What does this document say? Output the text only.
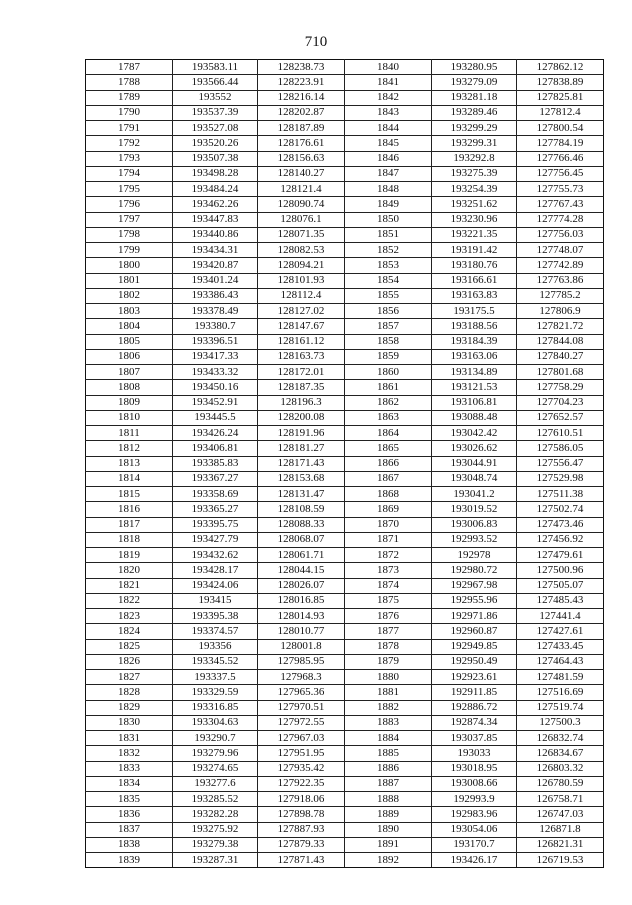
710
1787	193583.11	128238.73	1840	193280.95	127862.12
1788	193566.44	128223.91	1841	193279.09	127838.89
1789	193552	128216.14	1842	193281.18	127825.81
1790	193537.39	128202.87	1843	193289.46	127812.4
1791	193527.08	128187.89	1844	193299.29	127800.54
1792	193520.26	128176.61	1845	193299.31	127784.19
1793	193507.38	128156.63	1846	193292.8	127766.46
1794	193498.28	128140.27	1847	193275.39	127756.45
1795	193484.24	128121.4	1848	193254.39	127755.73
1796	193462.26	128090.74	1849	193251.62	127767.43
1797	193447.83	128076.1	1850	193230.96	127774.28
1798	193440.86	128071.35	1851	193221.35	127756.03
1799	193434.31	128082.53	1852	193191.42	127748.07
1800	193420.87	128094.21	1853	193180.76	127742.89
1801	193401.24	128101.93	1854	193166.61	127763.86
1802	193386.43	128112.4	1855	193163.83	127785.2
1803	193378.49	128127.02	1856	193175.5	127806.9
1804	193380.7	128147.67	1857	193188.56	127821.72
1805	193396.51	128161.12	1858	193184.39	127844.08
1806	193417.33	128163.73	1859	193163.06	127840.27
1807	193433.32	128172.01	1860	193134.89	127801.68
1808	193450.16	128187.35	1861	193121.53	127758.29
1809	193452.91	128196.3	1862	193106.81	127704.23
1810	193445.5	128200.08	1863	193088.48	127652.57
1811	193426.24	128191.96	1864	193042.42	127610.51
1812	193406.81	128181.27	1865	193026.62	127586.05
1813	193385.83	128171.43	1866	193044.91	127556.47
1814	193367.27	128153.68	1867	193048.74	127529.98
1815	193358.69	128131.47	1868	193041.2	127511.38
1816	193365.27	128108.59	1869	193019.52	127502.74
1817	193395.75	128088.33	1870	193006.83	127473.46
1818	193427.79	128068.07	1871	192993.52	127456.92
1819	193432.62	128061.71	1872	192978	127479.61
1820	193428.17	128044.15	1873	192980.72	127500.96
1821	193424.06	128026.07	1874	192967.98	127505.07
1822	193415	128016.85	1875	192955.96	127485.43
1823	193395.38	128014.93	1876	192971.86	127441.4
1824	193374.57	128010.77	1877	192960.87	127427.61
1825	193356	128001.8	1878	192949.85	127433.45
1826	193345.52	127985.95	1879	192950.49	127464.43
1827	193337.5	127968.3	1880	192923.61	127481.59
1828	193329.59	127965.36	1881	192911.85	127516.69
1829	193316.85	127970.51	1882	192886.72	127519.74
1830	193304.63	127972.55	1883	192874.34	127500.3
1831	193290.7	127967.03	1884	193037.85	126832.74
1832	193279.96	127951.95	1885	193033	126834.67
1833	193274.65	127935.42	1886	193018.95	126803.32
1834	193277.6	127922.35	1887	193008.66	126780.59
1835	193285.52	127918.06	1888	192993.9	126758.71
1836	193282.28	127898.78	1889	192983.96	126747.03
1837	193275.92	127887.93	1890	193054.06	126871.8
1838	193279.38	127879.33	1891	193170.7	126821.31
1839	193287.31	127871.43	1892	193426.17	126719.53
